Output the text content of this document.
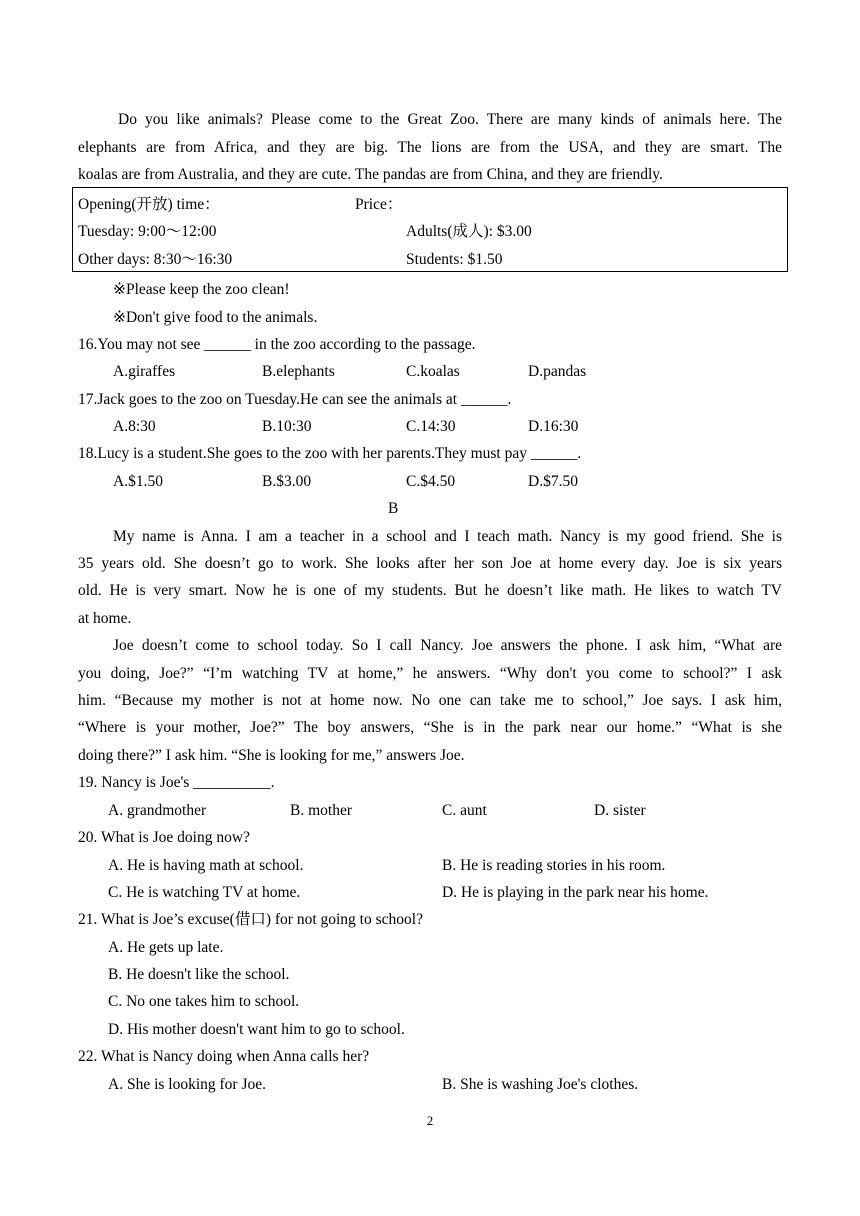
Do you like animals? Please come to the Great Zoo. There are many kinds of animals here. The
elephants are from Africa, and they are big. The lions are from the USA, and they are smart. The
koalas are from Australia, and they are cute. The pandas are from China, and they are friendly.
Opening(开放) time：	Price：
Tuesday: 9:00～12:00	Adults(成人): $3.00
Other days: 8:30～16:30	Students: $1.50
※Please keep the zoo clean!
※Don't give food to the animals.
16.You may not see ______ in the zoo according to the passage.
A.giraffes	B.elephants	C.koalas	D.pandas
17.Jack goes to the zoo on Tuesday.He can see the animals at ______.
A.8:30	B.10:30	C.14:30	D.16:30
18.Lucy is a student.She goes to the zoo with her parents.They must pay ______.
A.$1.50	B.$3.00	C.$4.50	D.$7.50
B
My name is Anna. I am a teacher in a school and I teach math. Nancy is my good friend. She is
35 years old. She doesn’t go to work. She looks after her son Joe at home every day. Joe is six years
old. He is very smart. Now he is one of my students. But he doesn’t like math. He likes to watch TV
at home.
Joe doesn’t come to school today. So I call Nancy. Joe answers the phone. I ask him, “What are
you doing, Joe?” “I’m watching TV at home,” he answers. “Why don't you come to school?” I ask
him. “Because my mother is not at home now. No one can take me to school,” Joe says. I ask him,
“Where is your mother, Joe?” The boy answers, “She is in the park near our home.” “What is she
doing there?” I ask him. “She is looking for me,” answers Joe.
19. Nancy is Joe's __________.
A. grandmother	B. mother	C. aunt	D. sister
20. What is Joe doing now?
A. He is having math at school.	B. He is reading stories in his room.
C. He is watching TV at home.	D. He is playing in the park near his home.
21. What is Joe’s excuse(借口) for not going to school?
A. He gets up late.
B. He doesn't like the school.
C. No one takes him to school.
D. His mother doesn't want him to go to school.
22. What is Nancy doing when Anna calls her?
A. She is looking for Joe.	B. She is washing Joe's clothes.
2
